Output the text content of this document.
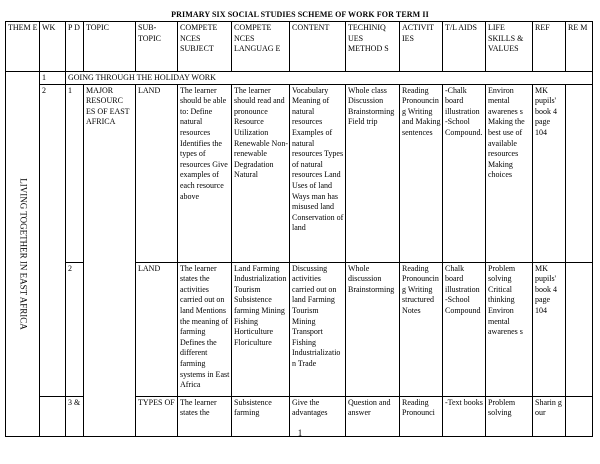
PRIMARY SIX SOCIAL STUDIES SCHEME OF WORK FOR TERM II
THEM E	WK	P D	TOPIC	SUB-TOPIC	COMPETE NCES SUBJECT	COMPETE NCES LANGUAG E	CONTENT	TECHINIQ UES METHOD S	ACTIVIT IES	T/L AIDS	LIFE SKILLS & VALUES	REF	RE M

LIVING TOGETHER IN EAST AFRICA	1	GOING THROUGH THE HOLIDAY WORK											
	2	1	MAJOR RESOURC ES OF EAST AFRICA	LAND	The learner should be able to: Define natural resources Identifies the types of resources Give examples of each resource above	The learner should read and pronounce Resource Utilization Renewable Non-renewable Degradation Natural	Vocabulary Meaning of natural resources Examples of natural resources Types of natural resources Land Uses of land Ways man has misused land Conservation of land	Whole class Discussion Brainstorming Field trip	Reading Pronouncing Writing and Making sentences	-Chalk board illustration -School Compound.	Environ mental awarenes s Making the best use of available resources Making choices	MK pupils' book 4 page 104	
		2		LAND	The learner states the activities carried out on land Mentions the meaning of farming Defines the different farming systems in East Africa	Land Farming Industrialization Tourism Subsistence farming Mining Fishing Horticulture Floriculture	Discussing activities carried out on land Farming Tourism Mining Transport Fishing Industrialization Trade	Whole discussion Brainstorming	Reading Pronouncing Writing structured Notes	Chalk board illustration -School Compound	Problem solving Critical thinking Environ mental awarenes s	MK pupils' book 4 page 104	
		3 &		TYPES OF	The learner states the	Subsistence farming	Give the advantages	Question and answer	Reading Pronounci	-Text books	Problem solving	Sharin g our	
1
